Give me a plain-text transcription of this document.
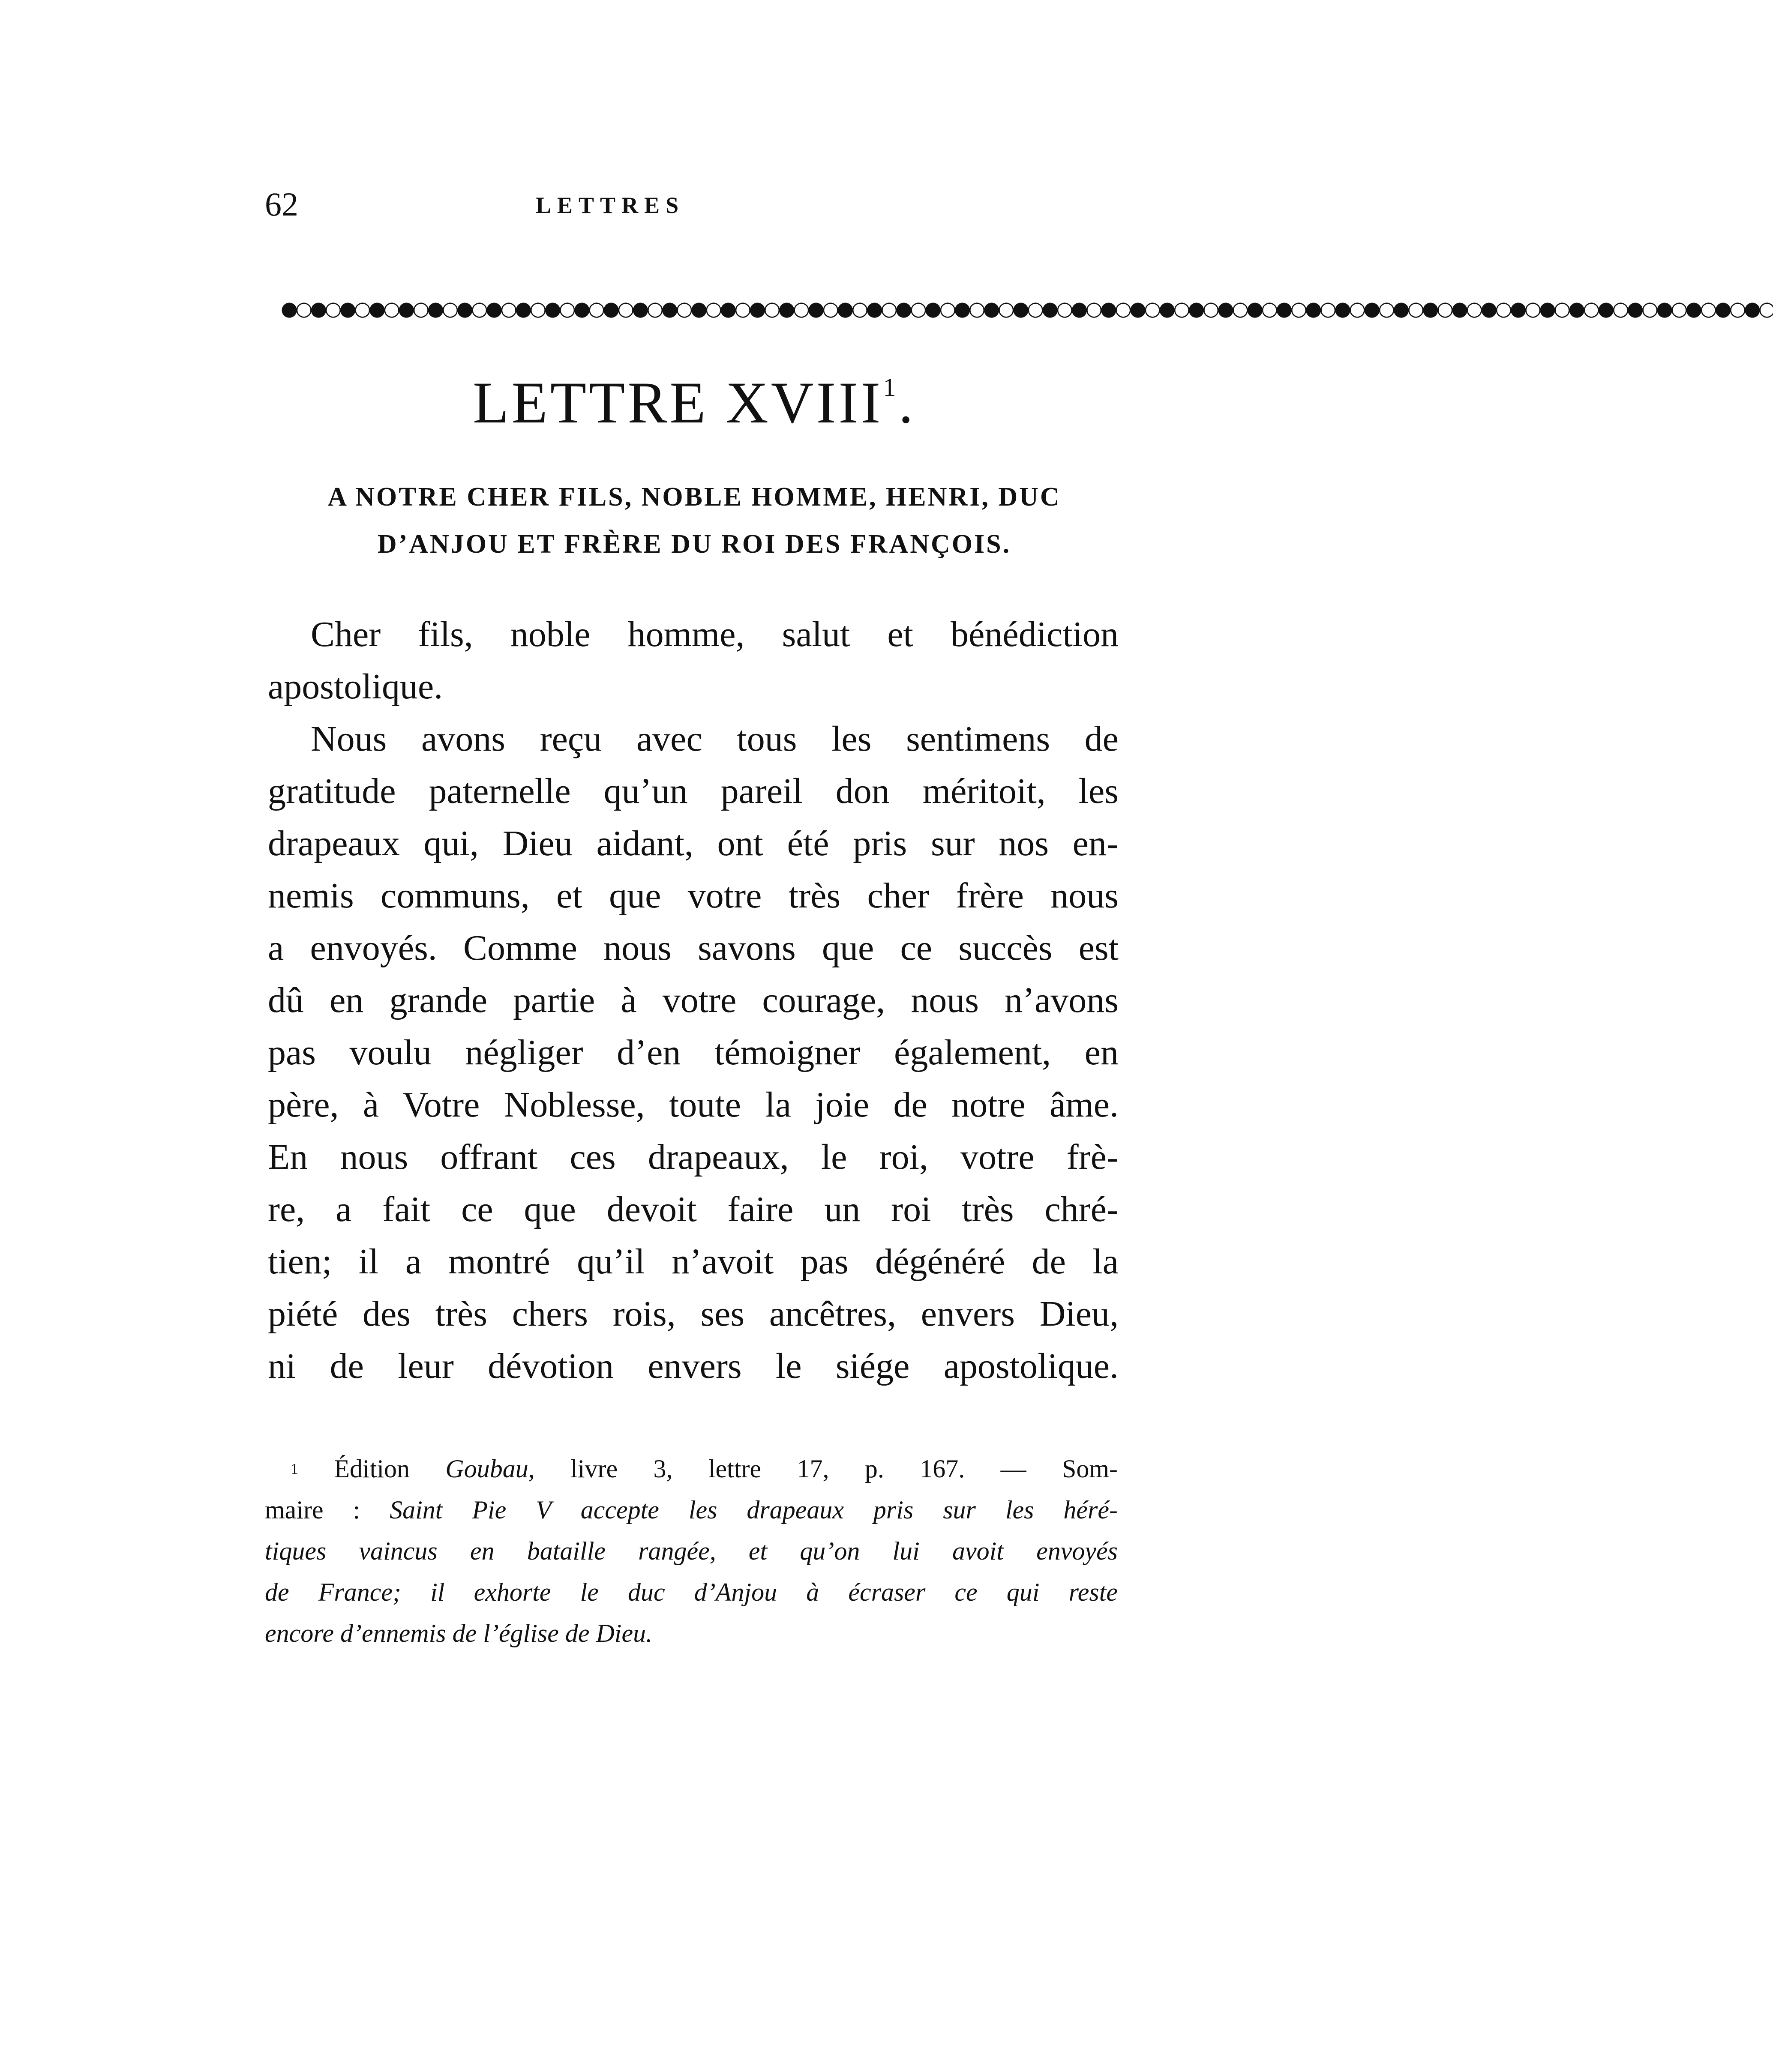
62	LETTRES
●○●○●○●○●○●○●○●○●○●○●○●○●○●○●○●○●○●○●○●○●○●○●○●○●○●○●○●○●○●○●○●○●○●○●○●○●○●○●○●○●○●○●○●○●○●○●○●○●○●○●○
LETTRE XVIII$^1$.
A NOTRE CHER FILS, NOBLE HOMME, HENRI, DUC
D’ANJOU ET FRÈRE DU ROI DES FRANÇOIS.
Cher fils, noble homme, salut et bénédiction
apostolique.
Nous avons reçu avec tous les sentimens de
gratitude paternelle qu’un pareil don méritoit, les
drapeaux qui, Dieu aidant, ont été pris sur nos en-
nemis communs, et que votre très cher frère nous
a envoyés. Comme nous savons que ce succès est
dû en grande partie à votre courage, nous n’avons
pas voulu négliger d’en témoigner également, en
père, à Votre Noblesse, toute la joie de notre âme.
En nous offrant ces drapeaux, le roi, votre frè-
re, a fait ce que devoit faire un roi très chré-
tien; il a montré qu’il n’avoit pas dégénéré de la
piété des très chers rois, ses ancêtres, envers Dieu,
ni de leur dévotion envers le siége apostolique.
$^1$ Édition Goubau, livre 3, lettre 17, p. 167. — Som-
maire : Saint Pie V accepte les drapeaux pris sur les héré-
tiques vaincus en bataille rangée, et qu’on lui avoit envoyés
de France; il exhorte le duc d’Anjou à écraser ce qui reste
encore d’ennemis de l’église de Dieu.
